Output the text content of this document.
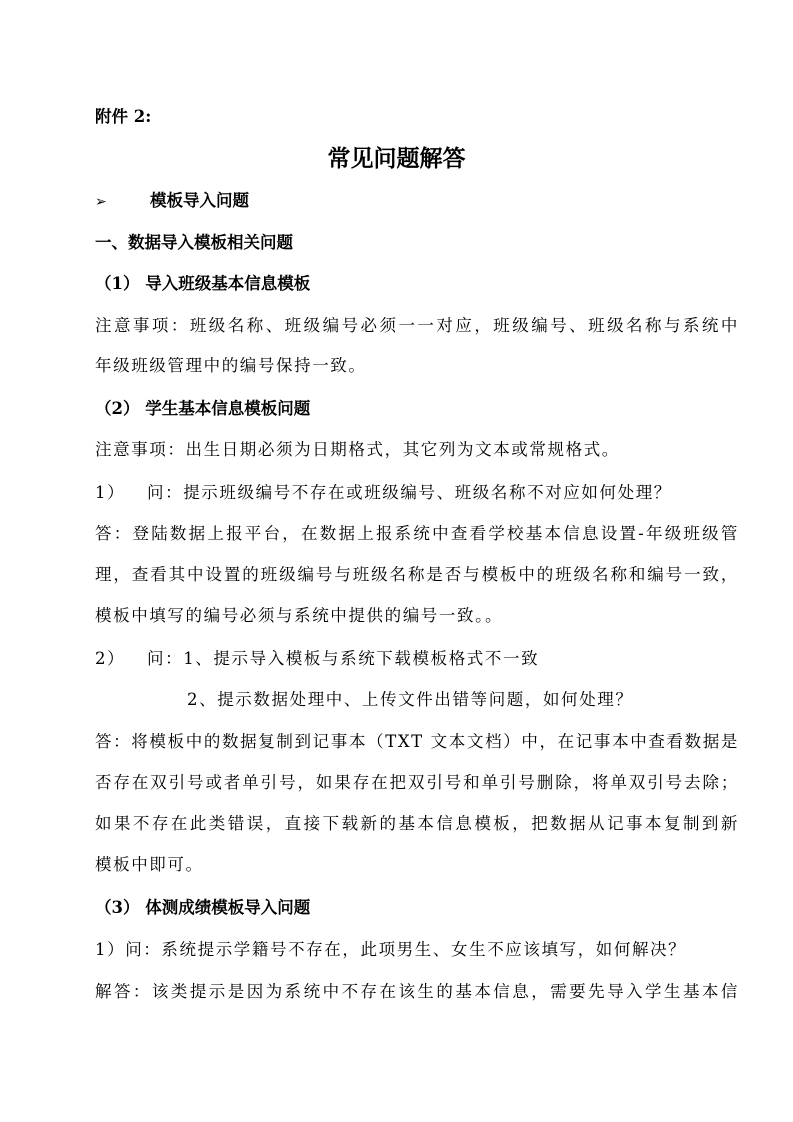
附件 2:
常见问题解答
➢	模板导入问题
一、数据导入模板相关问题
（1） 导入班级基本信息模板
注意事项：班级名称、班级编号必须一一对应，班级编号、班级名称与系统中
年级班级管理中的编号保持一致。
（2） 学生基本信息模板问题
注意事项：出生日期必须为日期格式，其它列为文本或常规格式。
1） 问：提示班级编号不存在或班级编号、班级名称不对应如何处理？
答：登陆数据上报平台，在数据上报系统中查看学校基本信息设置-年级班级管
理，查看其中设置的班级编号与班级名称是否与模板中的班级名称和编号一致，
模板中填写的编号必须与系统中提供的编号一致。。
2） 问：1、提示导入模板与系统下载模板格式不一致
2、提示数据处理中、上传文件出错等问题，如何处理？
答：将模板中的数据复制到记事本（TXT 文本文档）中，在记事本中查看数据是
否存在双引号或者单引号，如果存在把双引号和单引号删除，将单双引号去除；
如果不存在此类错误，直接下载新的基本信息模板，把数据从记事本复制到新
模板中即可。
（3） 体测成绩模板导入问题
1）问：系统提示学籍号不存在，此项男生、女生不应该填写，如何解决？
解答：该类提示是因为系统中不存在该生的基本信息，需要先导入学生基本信
